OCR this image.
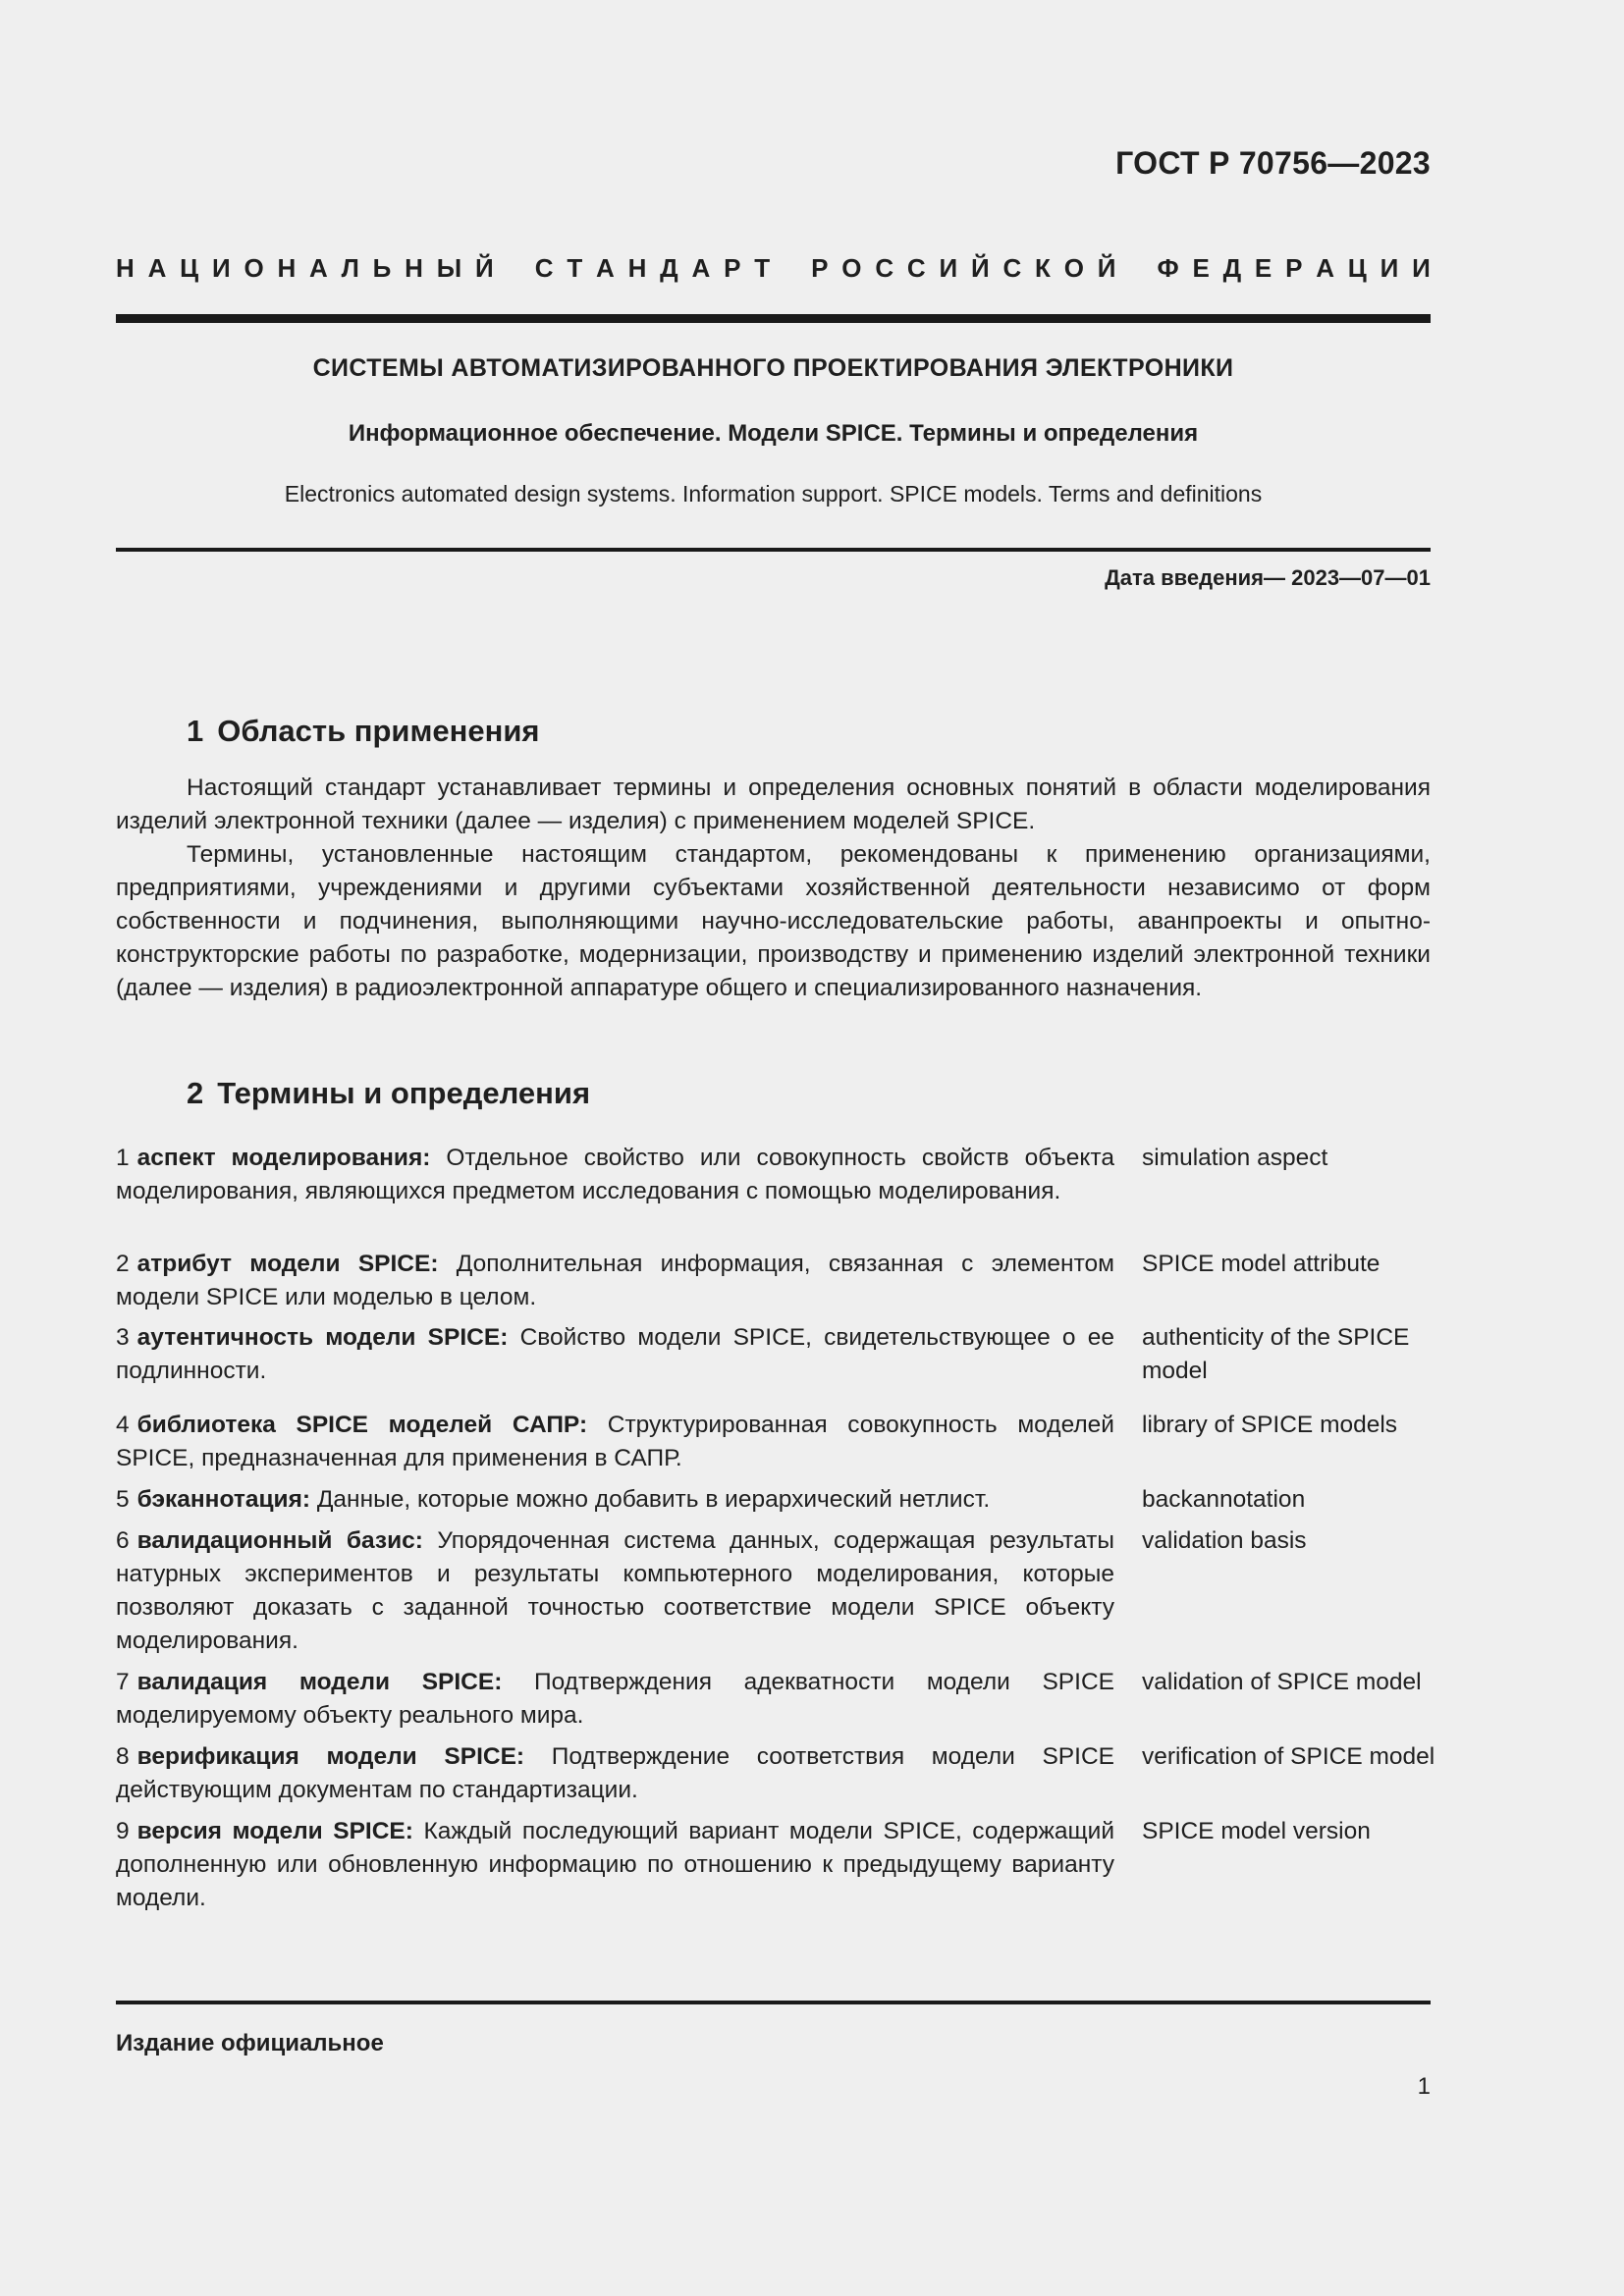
ГОСТ Р 70756—2023
Н А Ц И О Н А Л Ь Н Ы Й
С Т А Н Д А Р Т
Р О С С И Й С К О Й
Ф Е Д Е Р А Ц И И
СИСТЕМЫ АВТОМАТИЗИРОВАННОГО ПРОЕКТИРОВАНИЯ ЭЛЕКТРОНИКИ
Информационное обеспечение. Модели SPICE. Термины и определения
Electronics automated design systems. Information support. SPICE models. Terms and definitions
Дата введения— 2023—07—01
1 Область применения

Настоящий стандарт устанавливает термины и определения основных понятий в области моделирования изделий электронной техники (далее — изделия) с применением моделей SPICE.

Термины, установленные настоящим стандартом, рекомендованы к применению организациями, предприятиями, учреждениями и другими субъектами хозяйственной деятельности независимо от форм собственности и подчинения, выполняющими научно-исследовательские работы, аванпроекты и опытно-конструкторские работы по разработке, модернизации, производству и применению изделий электронной техники (далее — изделия) в радиоэлектронной аппаратуре общего и специализированного назначения.

2 Термины и определения
1 аспект моделирования: Отдельное свойство или совокупность свойств объекта моделирования, являющихся предметом исследования с помощью моделирования.
simulation aspect
2 атрибут модели SPICE: Дополнительная информация, связанная с элементом модели SPICE или моделью в целом.
SPICE model attribute
3 аутентичность модели SPICE: Свойство модели SPICE, свидетельствующее о ее подлинности.
authenticity of the SPICE model
4 библиотека SPICE моделей САПР: Структурированная совокупность моделей SPICE, предназначенная для применения в САПР.
library of SPICE models
5 бэканнотация: Данные, которые можно добавить в иерархический нетлист.	backannotation
6 валидационный базис: Упорядоченная система данных, содержащая результаты натурных экспериментов и результаты компьютерного моделирования, которые позволяют доказать с заданной точностью соответствие модели SPICE объекту моделирования.
validation basis
7 валидация модели SPICE: Подтверждения адекватности модели SPICE моделируемому объекту реального мира.
validation of SPICE model
8 верификация модели SPICE: Подтверждение соответствия модели SPICE действующим документам по стандартизации.
verification of SPICE model
9 версия модели SPICE: Каждый последующий вариант модели SPICE, содержащий дополненную или обновленную информацию по отношению к предыдущему варианту модели.
SPICE model version
Издание официальное
1
